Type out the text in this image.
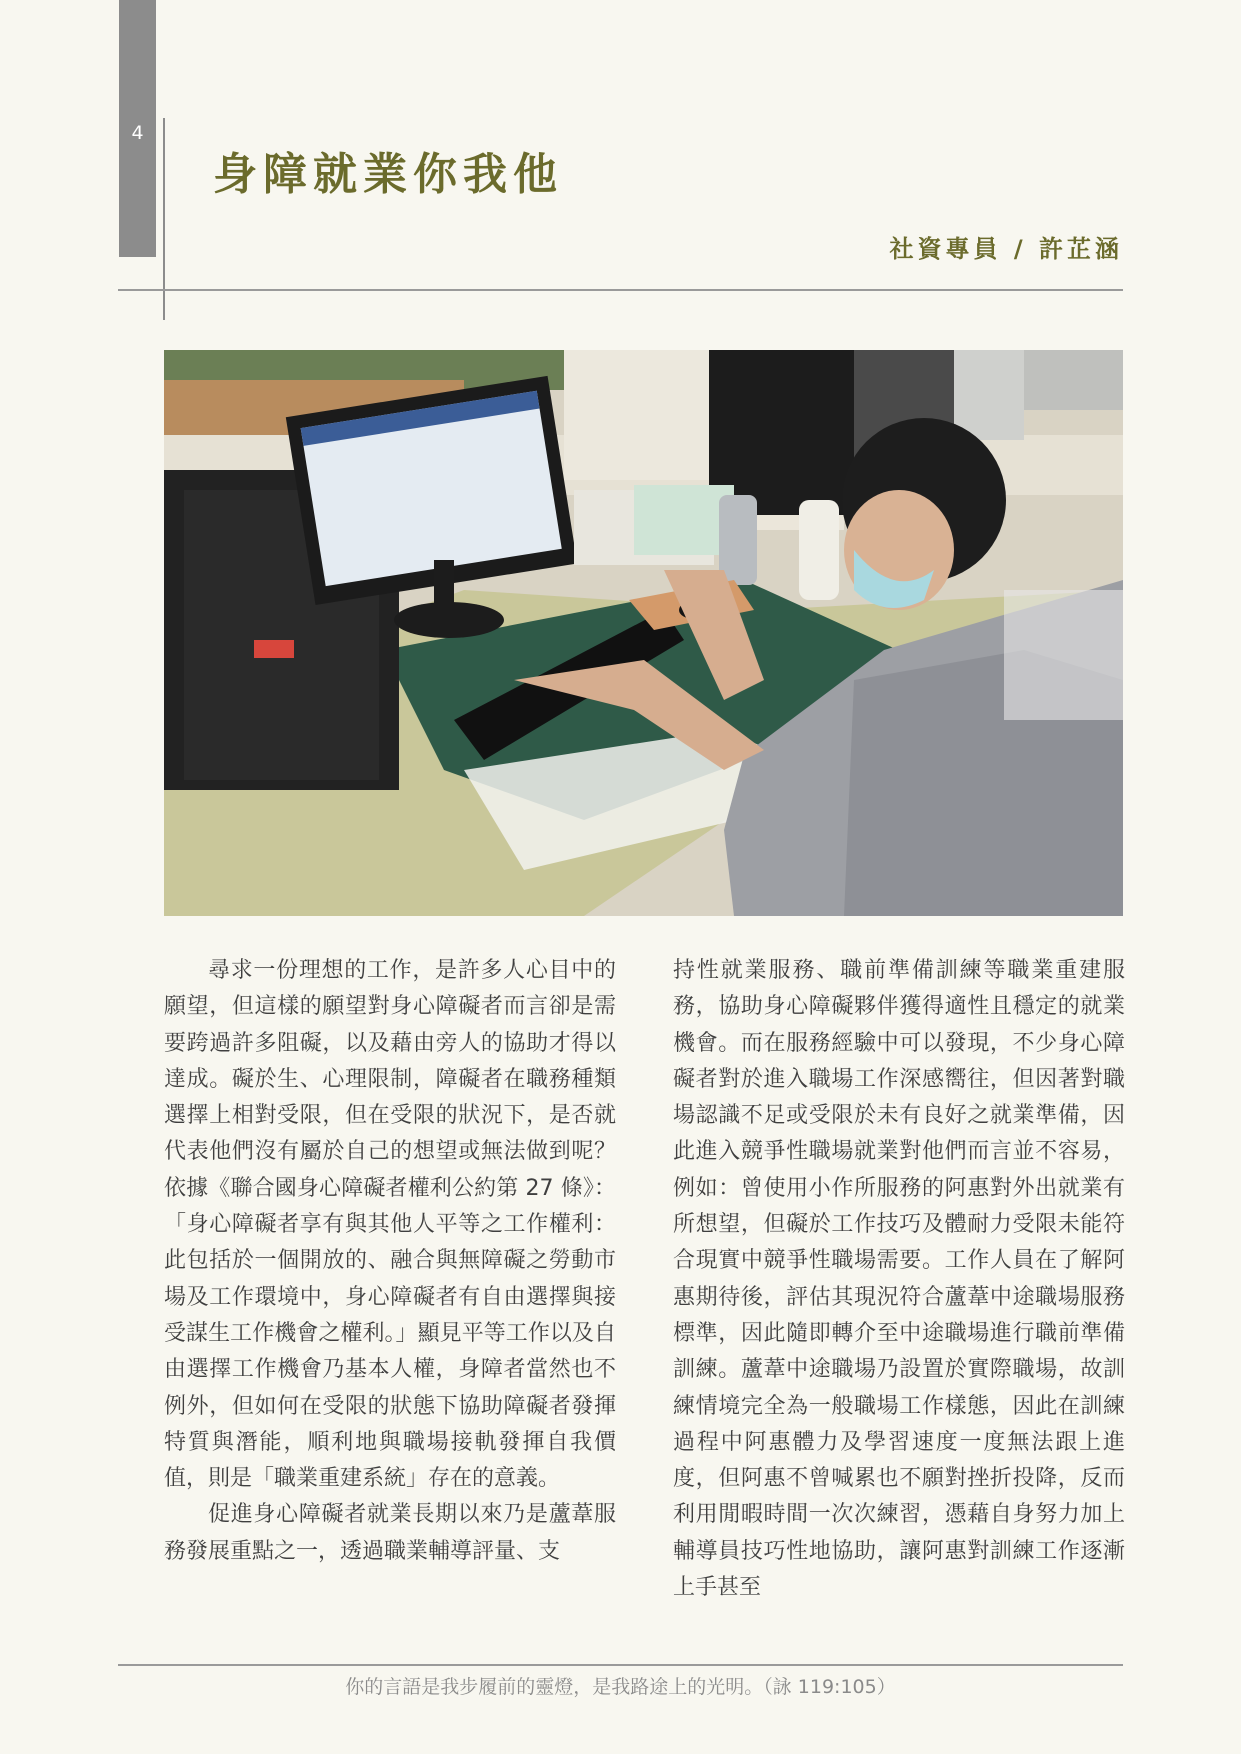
4
身障就業你我他
社資專員 / 許芷涵

尋求一份理想的工作，是許多人心目中的願望，但這樣的願望對身心障礙者而言卻是需要跨過許多阻礙，以及藉由旁人的協助才得以達成。礙於生、心理限制，障礙者在職務種類選擇上相對受限，但在受限的狀況下，是否就代表他們沒有屬於自己的想望或無法做到呢？依據《聯合國身心障礙者權利公約第 27 條》：「身心障礙者享有與其他人平等之工作權利：此包括於一個開放的、融合與無障礙之勞動市場及工作環境中，身心障礙者有自由選擇與接受謀生工作機會之權利。」顯見平等工作以及自由選擇工作機會乃基本人權，身障者當然也不例外，但如何在受限的狀態下協助障礙者發揮特質與潛能，順利地與職場接軌發揮自我價值，則是「職業重建系統」存在的意義。

促進身心障礙者就業長期以來乃是蘆葦服務發展重點之一，透過職業輔導評量、支

持性就業服務、職前準備訓練等職業重建服務，協助身心障礙夥伴獲得適性且穩定的就業機會。而在服務經驗中可以發現，不少身心障礙者對於進入職場工作深感嚮往，但因著對職場認識不足或受限於未有良好之就業準備，因此進入競爭性職場就業對他們而言並不容易，例如：曾使用小作所服務的阿惠對外出就業有所想望，但礙於工作技巧及體耐力受限未能符合現實中競爭性職場需要。工作人員在了解阿惠期待後，評估其現況符合蘆葦中途職場服務標準，因此隨即轉介至中途職場進行職前準備訓練。蘆葦中途職場乃設置於實際職場，故訓練情境完全為一般職場工作樣態，因此在訓練過程中阿惠體力及學習速度一度無法跟上進度，但阿惠不曾喊累也不願對挫折投降，反而利用閒暇時間一次次練習，憑藉自身努力加上輔導員技巧性地協助，讓阿惠對訓練工作逐漸上手甚至

你的言語是我步履前的靈燈，是我路途上的光明。（詠 119:105）
